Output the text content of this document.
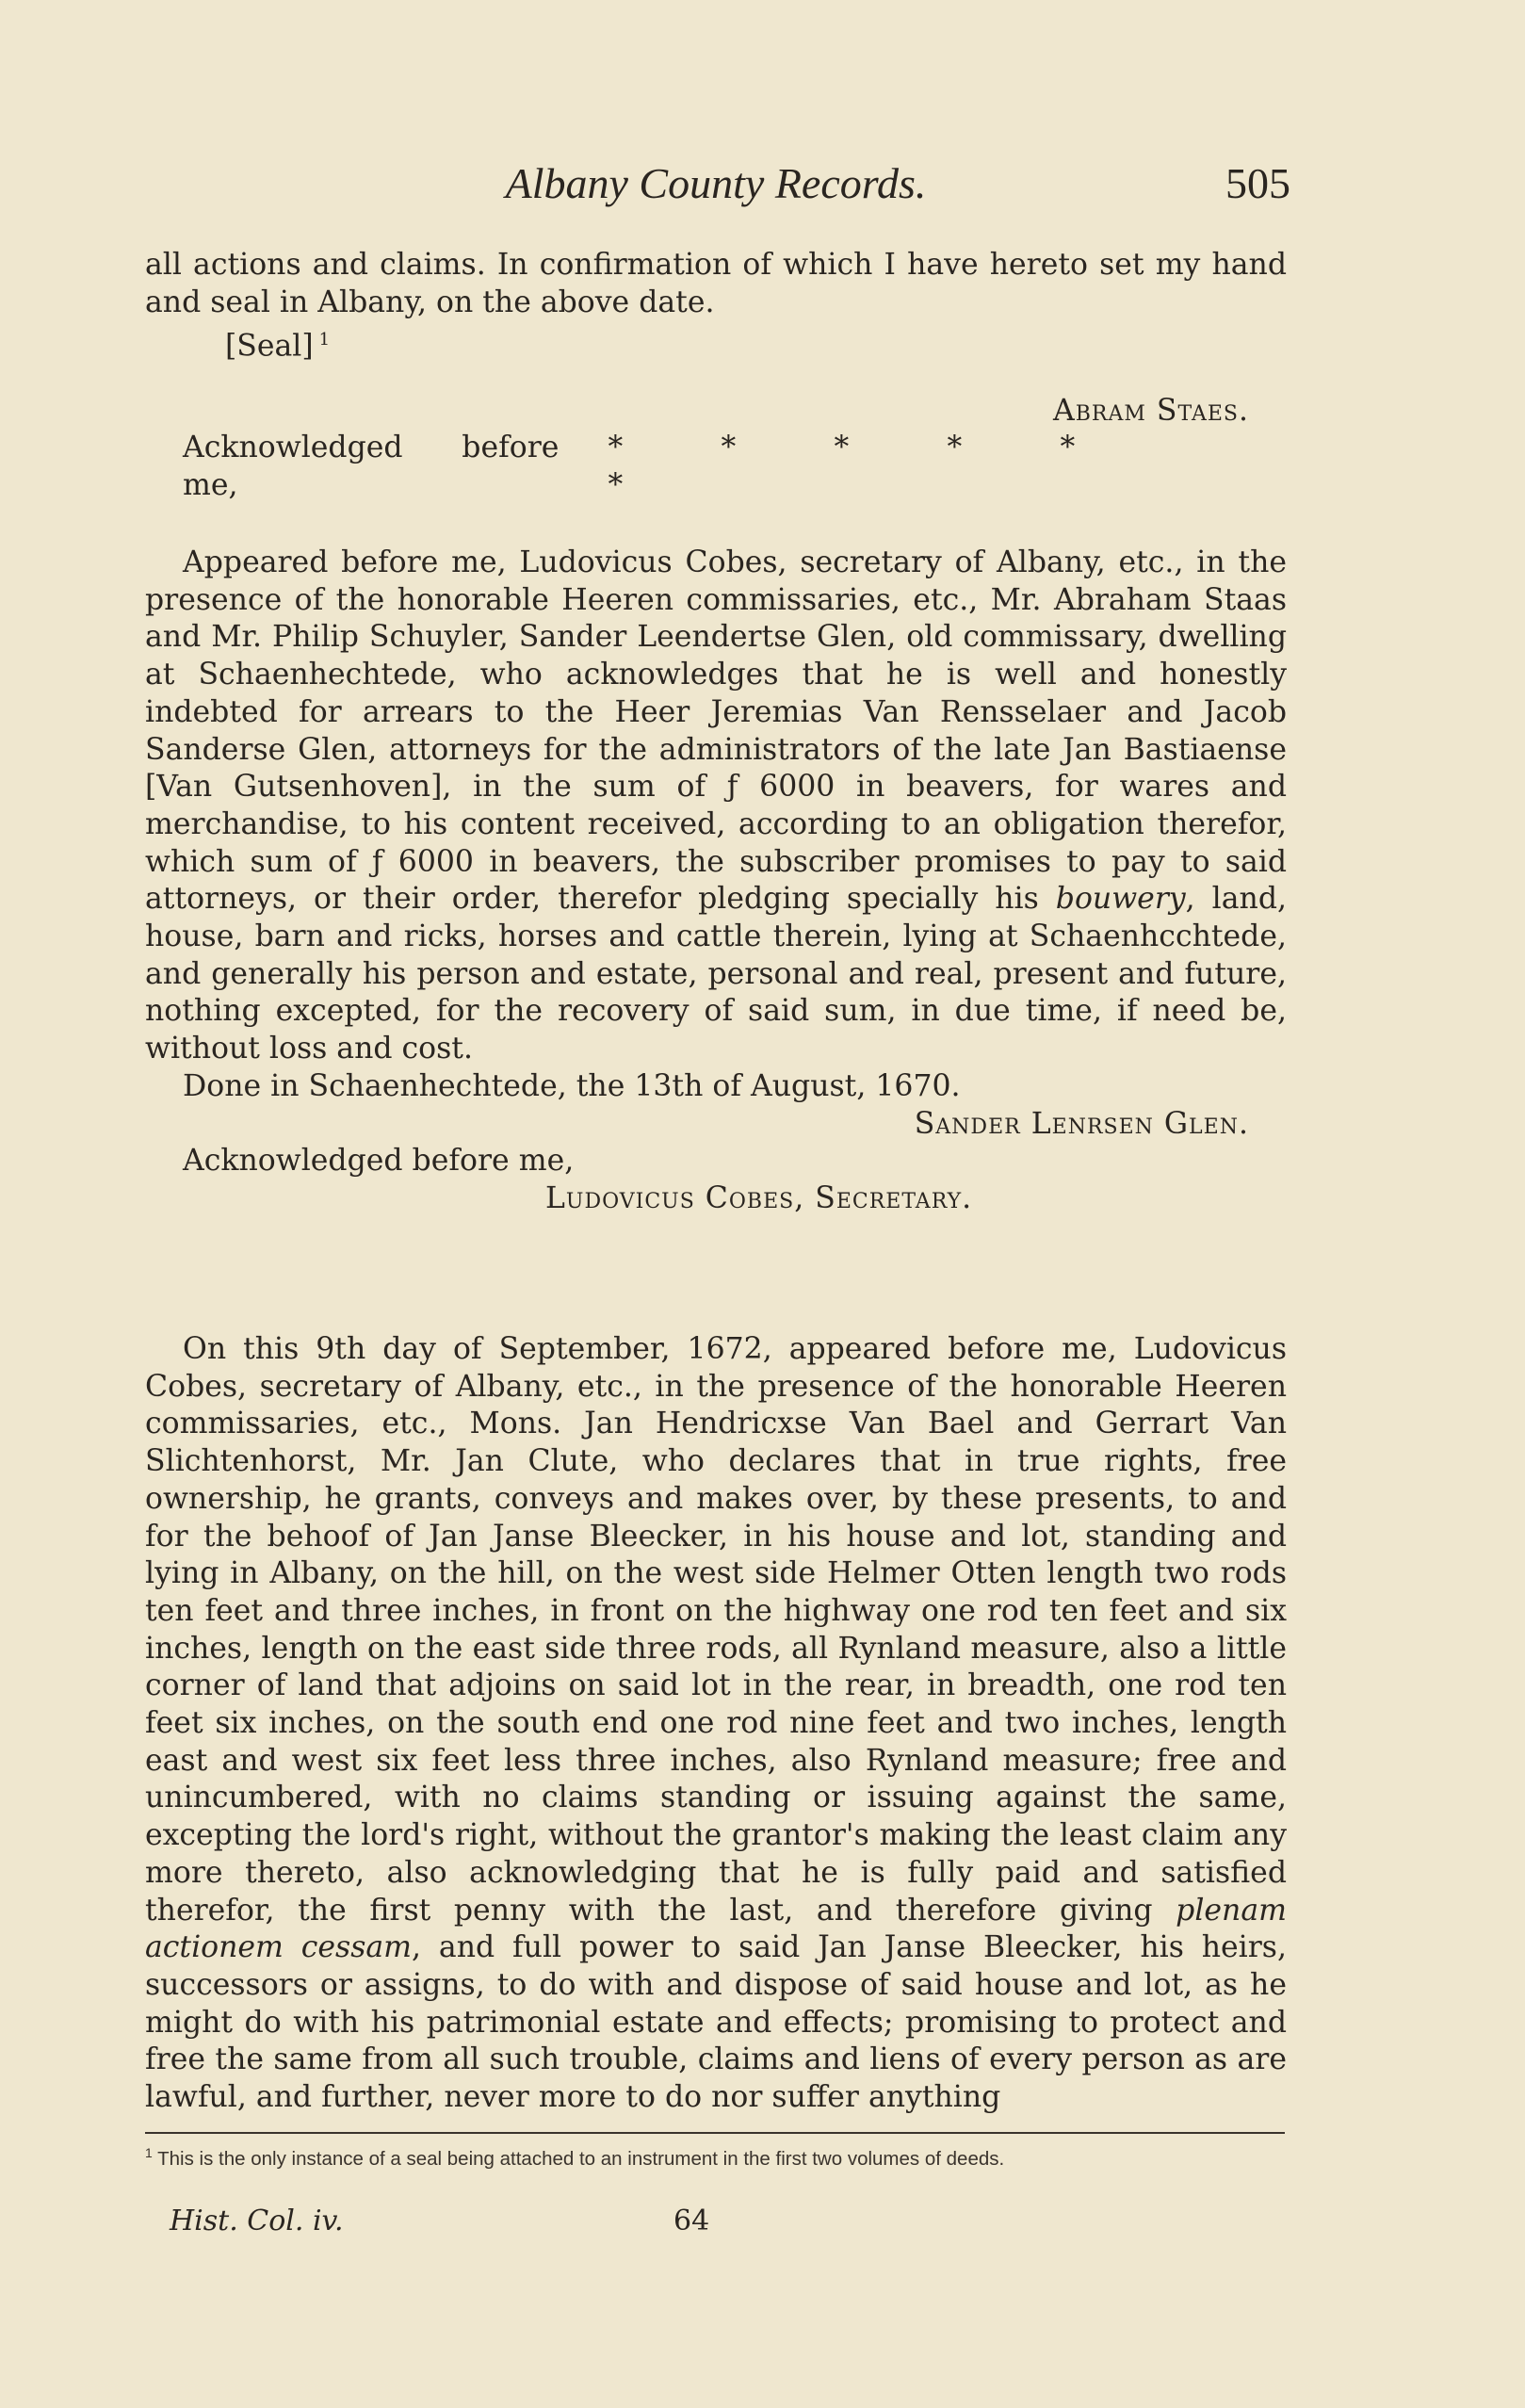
Albany County Records.	505

all actions and claims. In confirmation of which I have hereto set my hand and seal in Albany, on the above date.

[Seal] $^1$

Abram Staes.

Acknowledged before me,
*	*	*	*	**

Appeared before me, Ludovicus Cobes, secretary of Albany, etc., in the presence of the honorable Heeren commissaries, etc., Mr. Abraham Staas and Mr. Philip Schuyler, Sander Leendertse Glen, old commissary, dwelling at Schaenhechtede, who acknowledges that he is well and honestly indebted for arrears to the Heer Jeremias Van Rensselaer and Jacob Sanderse Glen, attorneys for the administrators of the late Jan Bastiaense [Van Gutsenhoven], in the sum of ƒ 6000 in beavers, for wares and merchandise, to his content received, according to an obligation therefor, which sum of ƒ 6000 in beavers, the subscriber promises to pay to said attorneys, or their order, therefor pledging specially his bouwery, land, house, barn and ricks, horses and cattle therein, lying at Schaenhcchtede, and generally his person and estate, personal and real, present and future, nothing excepted, for the recovery of said sum, in due time, if need be, without loss and cost.

Done in Schaenhechtede, the 13th of August, 1670.

Sander Lenrsen Glen.

Acknowledged before me,

Ludovicus Cobes, Secretary.

On this 9th day of September, 1672, appeared before me, Ludovicus Cobes, secretary of Albany, etc., in the presence of the honorable Heeren commissaries, etc., Mons. Jan Hendricxse Van Bael and Gerrart Van Slichtenhorst, Mr. Jan Clute, who declares that in true rights, free ownership, he grants, conveys and makes over, by these presents, to and for the behoof of Jan Janse Bleecker, in his house and lot, standing and lying in Albany, on the hill, on the west side Helmer Otten length two rods ten feet and three inches, in front on the highway one rod ten feet and six inches, length on the east side three rods, all Rynland measure, also a little corner of land that adjoins on said lot in the rear, in breadth, one rod ten feet six inches, on the south end one rod nine feet and two inches, length east and west six feet less three inches, also Rynland measure; free and unincumbered, with no claims standing or issuing against the same, excepting the lord's right, without the grantor's making the least claim any more thereto, also acknowledging that he is fully paid and satisfied therefor, the first penny with the last, and therefore giving plenam actionem cessam, and full power to said Jan Janse Bleecker, his heirs, successors or assigns, to do with and dispose of said house and lot, as he might do with his patrimonial estate and effects; promising to protect and free the same from all such trouble, claims and liens of every person as are lawful, and further, never more to do nor suffer anything

$^1$ This is the only instance of a seal being attached to an instrument in the first two volumes of deeds.
Hist. Col. iv.	64
